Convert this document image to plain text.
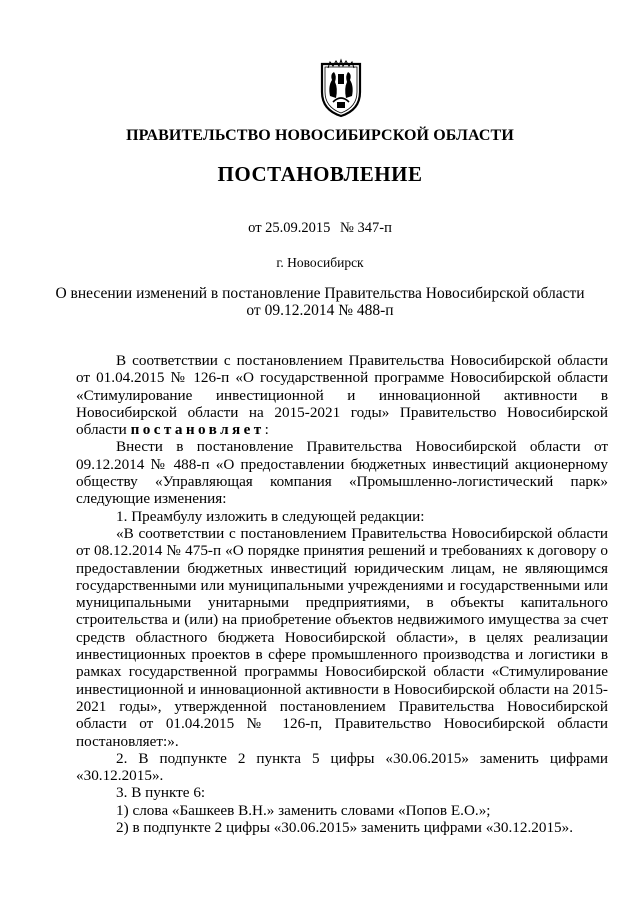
ПРАВИТЕЛЬСТВО НОВОСИБИРСКОЙ ОБЛАСТИ
ПОСТАНОВЛЕНИЕ
от 25.09.2015 № 347-п
г. Новосибирск
О внесении изменений в постановление Правительства Новосибирской области
от 09.12.2014 № 488-п

В соответствии с постановлением Правительства Новосибирской области от 01.04.2015 № 126-п «О государственной программе Новосибирской области «Стимулирование инвестиционной и инновационной активности в Новосибирской области на 2015-2021 годы» Правительство Новосибирской области постановляет:

Внести в постановление Правительства Новосибирской области от 09.12.2014 № 488-п «О предоставлении бюджетных инвестиций акционерному обществу «Управляющая компания «Промышленно-логистический парк» следующие изменения:

1. Преамбулу изложить в следующей редакции:

«В соответствии с постановлением Правительства Новосибирской области от 08.12.2014 № 475-п «О порядке принятия решений и требованиях к договору о предоставлении бюджетных инвестиций юридическим лицам, не являющимся государственными или муниципальными учреждениями и государственными или муниципальными унитарными предприятиями, в объекты капитального строительства и (или) на приобретение объектов недвижимого имущества за счет средств областного бюджета Новосибирской области», в целях реализации инвестиционных проектов в сфере промышленного производства и логистики в рамках государственной программы Новосибирской области «Стимулирование инвестиционной и инновационной активности в Новосибирской области на 2015-2021 годы», утвержденной постановлением Правительства Новосибирской области от 01.04.2015 № 126-п, Правительство Новосибирской области постановляет:».

2. В подпункте 2 пункта 5 цифры «30.06.2015» заменить цифрами «30.12.2015».

3. В пункте 6:

1) слова «Башкеев В.Н.» заменить словами «Попов Е.О.»;

2) в подпункте 2 цифры «30.06.2015» заменить цифрами «30.12.2015».
